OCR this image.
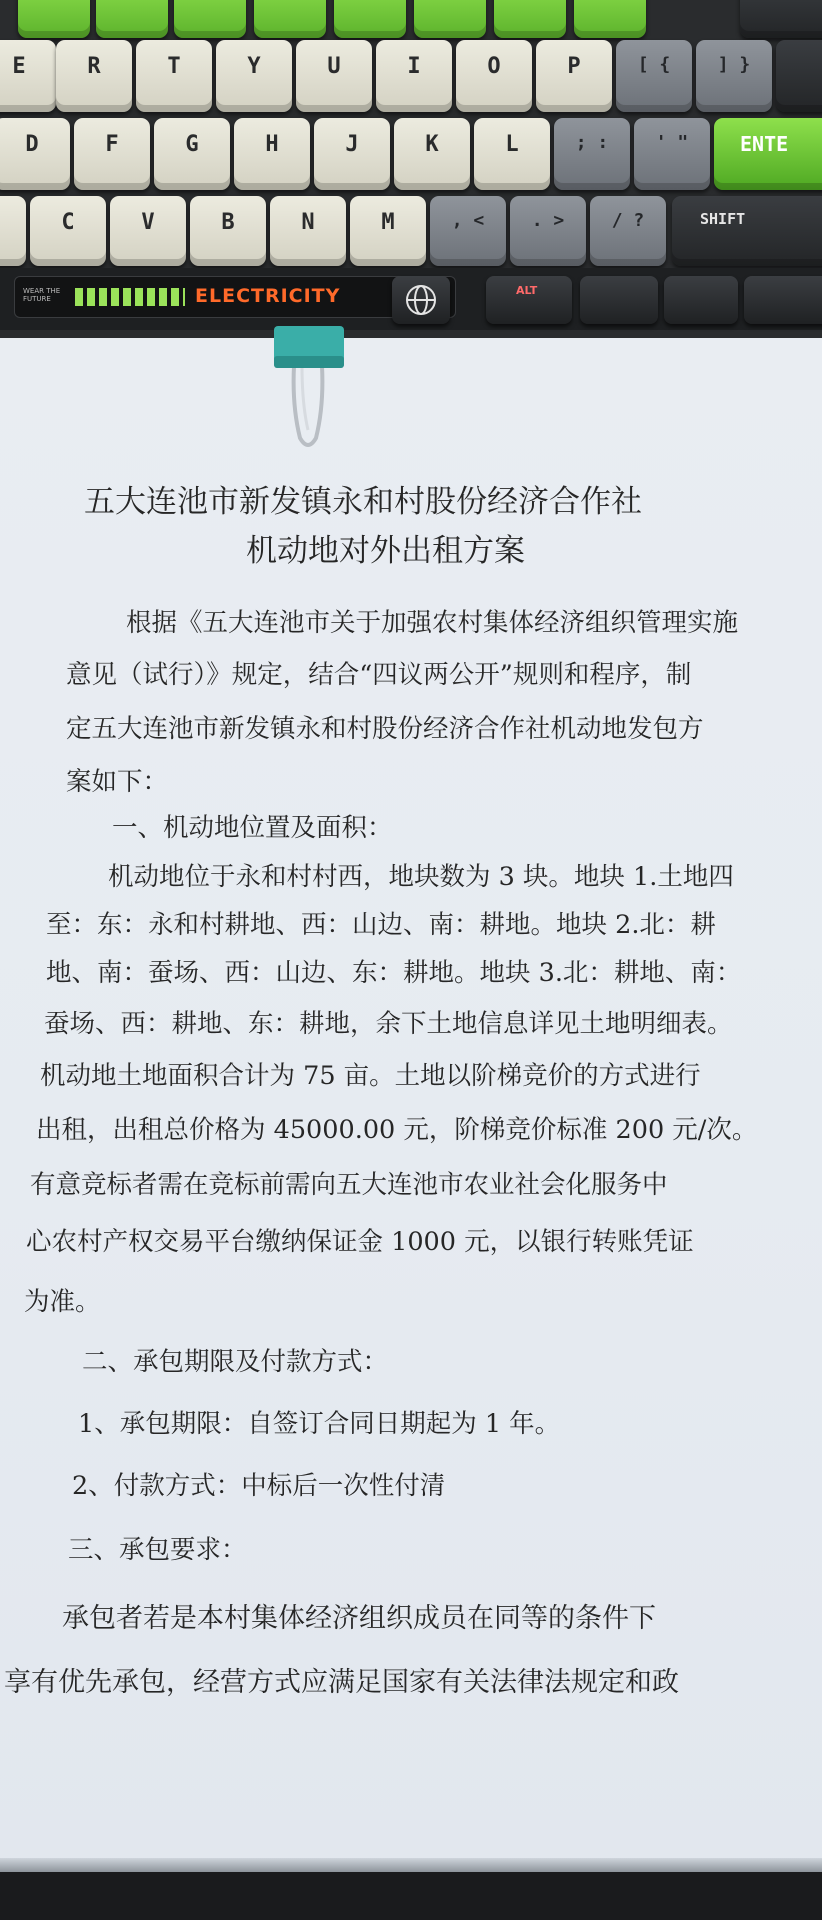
E	R	T	Y	U	I	O	P	[ {	] }
D	F	G	H	J	K	L	; :	' "	ENTE
C	V	B	N	M	, <	. >	/ ?	SHIFT
WEAR THE FUTURE	ELECTRICITY	ALT
五大连池市新发镇永和村股份经济合作社
机动地对外出租方案
根据《五大连池市关于加强农村集体经济组织管理实施
意见（试行）》规定，结合“四议两公开”规则和程序，制
定五大连池市新发镇永和村股份经济合作社机动地发包方
案如下：
一、机动地位置及面积：
机动地位于永和村村西，地块数为 3 块。地块 1.土地四
至：东：永和村耕地、西：山边、南：耕地。地块 2.北：耕
地、南：蚕场、西：山边、东：耕地。地块 3.北：耕地、南：
蚕场、西：耕地、东：耕地，余下土地信息详见土地明细表。
机动地土地面积合计为 75 亩。土地以阶梯竞价的方式进行
出租，出租总价格为 45000.00 元，阶梯竞价标准 200 元/次。
有意竞标者需在竞标前需向五大连池市农业社会化服务中
心农村产权交易平台缴纳保证金 1000 元，以银行转账凭证
为准。
二、承包期限及付款方式：
1、承包期限：自签订合同日期起为 1 年。
2、付款方式：中标后一次性付清
三、承包要求：
承包者若是本村集体经济组织成员在同等的条件下
享有优先承包，经营方式应满足国家有关法律法规定和政
